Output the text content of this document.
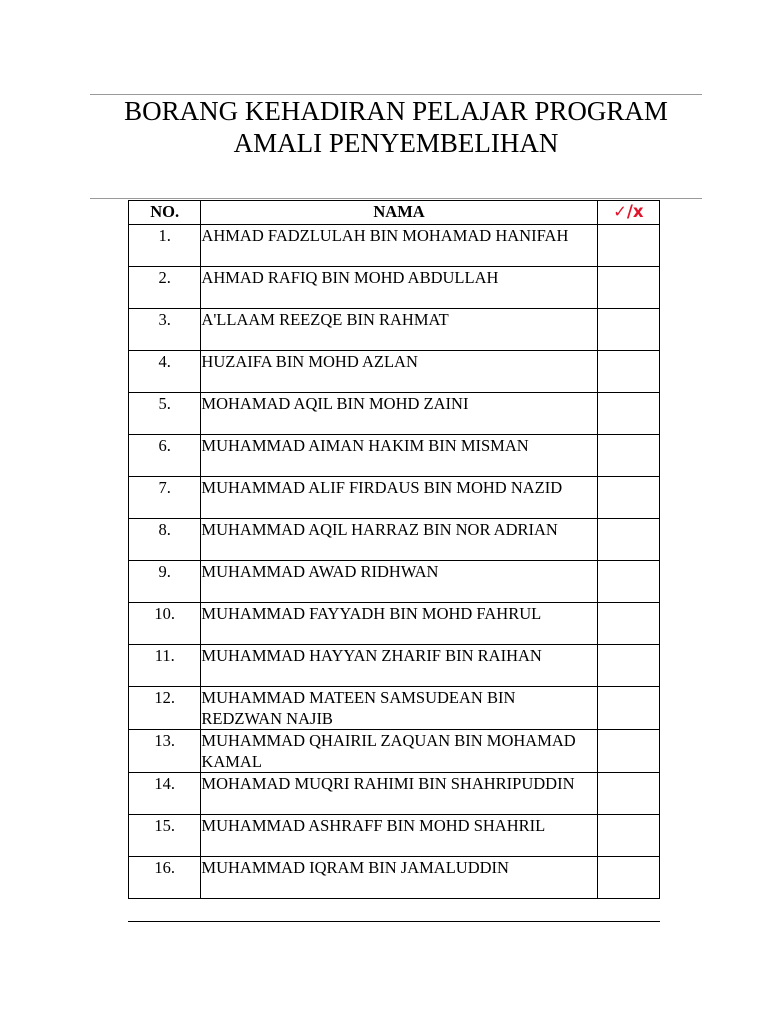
BORANG KEHADIRAN PELAJAR PROGRAM
AMALI PENYEMBELIHAN
NO.	NAMA	✓/x
1.	AHMAD FADZLULAH BIN MOHAMAD HANIFAH	
2.	AHMAD RAFIQ BIN MOHD ABDULLAH	
3.	A'LLAAM REEZQE BIN RAHMAT	
4.	HUZAIFA BIN MOHD AZLAN	
5.	MOHAMAD AQIL BIN MOHD ZAINI	
6.	MUHAMMAD AIMAN HAKIM BIN MISMAN	
7.	MUHAMMAD ALIF FIRDAUS BIN MOHD NAZID	
8.	MUHAMMAD AQIL HARRAZ BIN NOR ADRIAN	
9.	MUHAMMAD AWAD RIDHWAN	
10.	MUHAMMAD FAYYADH BIN MOHD FAHRUL	
11.	MUHAMMAD HAYYAN ZHARIF BIN RAIHAN	
12.	MUHAMMAD MATEEN SAMSUDEAN BIN REDZWAN NAJIB	
13.	MUHAMMAD QHAIRIL ZAQUAN BIN MOHAMAD KAMAL	
14.	MOHAMAD MUQRI RAHIMI BIN SHAHRIPUDDIN	
15.	MUHAMMAD ASHRAFF BIN MOHD SHAHRIL	
16.	MUHAMMAD IQRAM BIN JAMALUDDIN	
